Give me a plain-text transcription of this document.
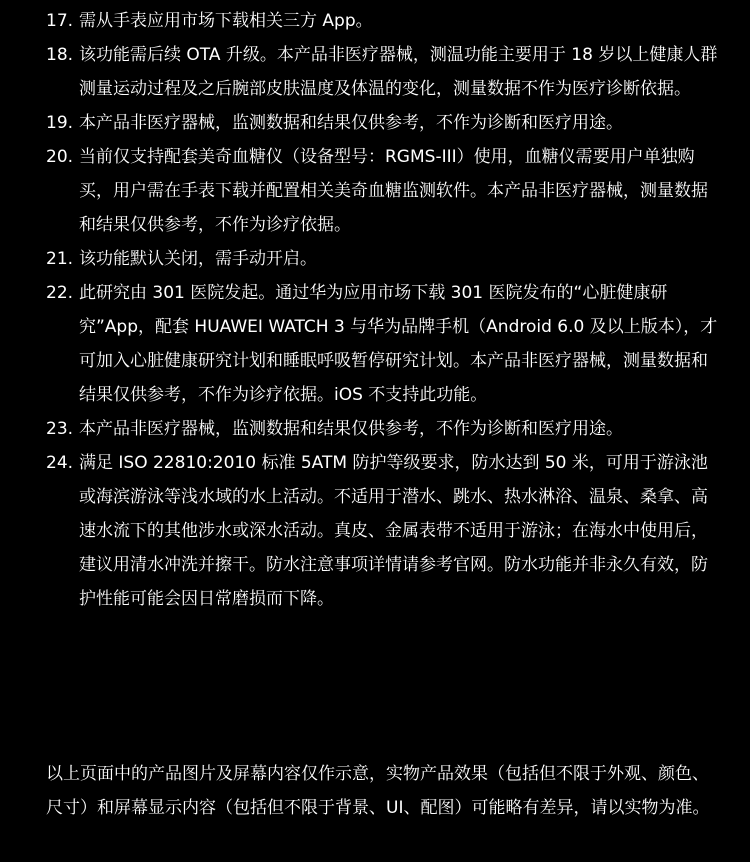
17. 需从手表应用市场下载相关三方 App。
18. 该功能需后续 OTA 升级。本产品非医疗器械，测温功能主要用于 18 岁以上健康人群测量运动过程及之后腕部皮肤温度及体温的变化，测量数据不作为医疗诊断依据。
19. 本产品非医疗器械，监测数据和结果仅供参考，不作为诊断和医疗用途。
20. 当前仅支持配套美奇血糖仪（设备型号：RGMS-III）使用，血糖仪需要用户单独购买，用户需在手表下载并配置相关美奇血糖监测软件。本产品非医疗器械，测量数据和结果仅供参考，不作为诊疗依据。
21. 该功能默认关闭，需手动开启。
22. 此研究由 301 医院发起。通过华为应用市场下载 301 医院发布的“心脏健康研究”App，配套 HUAWEI WATCH 3 与华为品牌手机（Android 6.0 及以上版本），才可加入心脏健康研究计划和睡眠呼吸暂停研究计划。本产品非医疗器械，测量数据和结果仅供参考，不作为诊疗依据。iOS 不支持此功能。
23. 本产品非医疗器械，监测数据和结果仅供参考，不作为诊断和医疗用途。
24. 满足 ISO 22810:2010 标准 5ATM 防护等级要求，防水达到 50 米，可用于游泳池或海滨游泳等浅水域的水上活动。不适用于潜水、跳水、热水淋浴、温泉、桑拿、高速水流下的其他涉水或深水活动。真皮、金属表带不适用于游泳；在海水中使用后，建议用清水冲洗并擦干。防水注意事项详情请参考官网。防水功能并非永久有效，防护性能可能会因日常磨损而下降。

以上页面中的产品图片及屏幕内容仅作示意，实物产品效果（包括但不限于外观、颜色、尺寸）和屏幕显示内容（包括但不限于背景、UI、配图）可能略有差异，请以实物为准。
